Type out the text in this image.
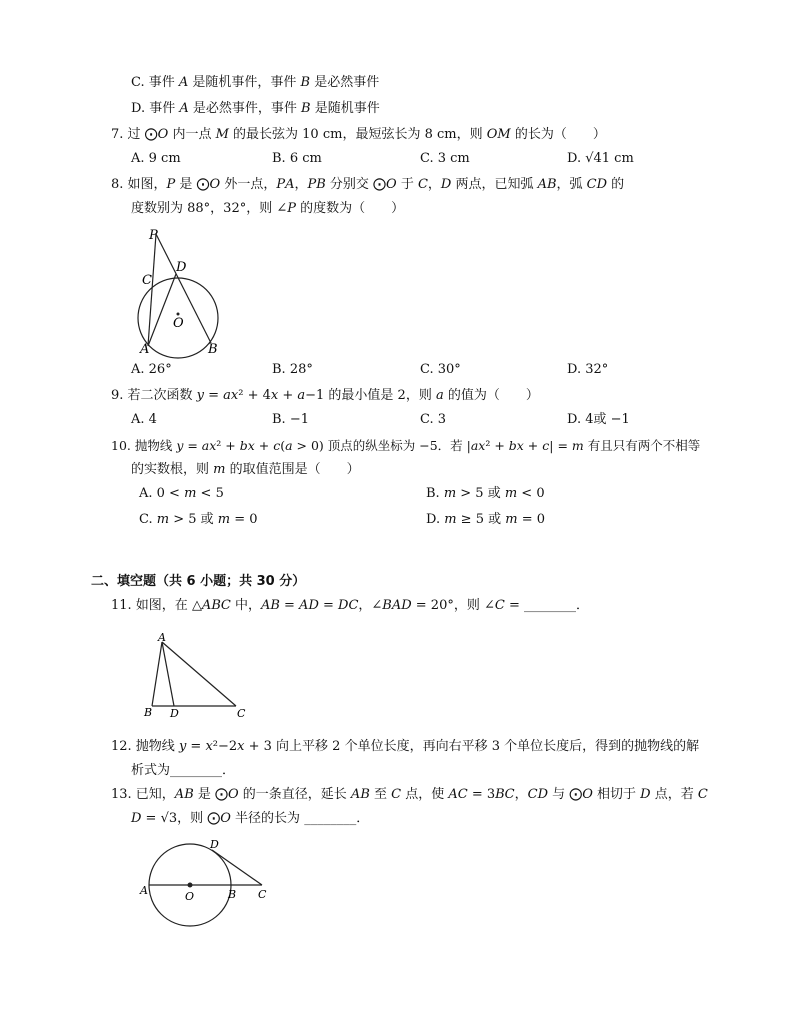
C. 事件 𝐴 是随机事件，事件 𝐵 是必然事件
D. 事件 𝐴 是必然事件，事件 𝐵 是随机事件
7. 过 ⨀𝑂 内一点 𝑀 的最长弦为 10 cm，最短弦长为 8 cm，则 𝑂𝑀 的长为（　　）
A. 9 cm	B. 6 cm	C. 3 cm	D. √41 cm
8. 如图，𝑃 是 ⨀𝑂 外一点，𝑃𝐴，𝑃𝐵 分别交 ⨀𝑂 于 𝐶，𝐷 两点，已知弧 𝐴𝐵，弧 𝐶𝐷 的
度数别为 88°，32°，则 ∠𝑃 的度数为（　　）
P
C
D
O
A	B
A. 26°	B. 28°	C. 30°	D. 32°
9. 若二次函数 𝑦 = 𝑎𝑥² + 4𝑥 + 𝑎−1 的最小值是 2，则 𝑎 的值为（　　）
A. 4	B. −1	C. 3	D. 4或 −1
10. 抛物线 𝑦 = 𝑎𝑥² + 𝑏𝑥 + 𝑐(𝑎 > 0) 顶点的纵坐标为 −5．若 |𝑎𝑥² + 𝑏𝑥 + 𝑐| = 𝑚 有且只有两个不相等
的实数根，则 𝑚 的取值范围是（　　）
A. 0 < 𝑚 < 5	B. 𝑚 > 5 或 𝑚 < 0
C. 𝑚 > 5 或 𝑚 = 0	D. 𝑚 ≥ 5 或 𝑚 = 0
二、填空题（共 6 小题；共 30 分）
11. 如图，在 △𝐴𝐵𝐶 中，𝐴𝐵 = 𝐴𝐷 = 𝐷𝐶，∠𝐵𝐴𝐷 = 20°，则 ∠𝐶 = ________．
A
B D	C
12. 抛物线 𝑦 = 𝑥²−2𝑥 + 3 向上平移 2 个单位长度，再向右平移 3 个单位长度后，得到的抛物线的解
析式为________．
13. 已知，𝐴𝐵 是 ⨀𝑂 的一条直径，延长 𝐴𝐵 至 𝐶 点，使 𝐴𝐶 = 3𝐵𝐶，𝐶𝐷 与 ⨀𝑂 相切于 𝐷 点，若 𝐶
𝐷 = √3，则 ⨀𝑂 半径的长为 ________．
D
A	O	B C
